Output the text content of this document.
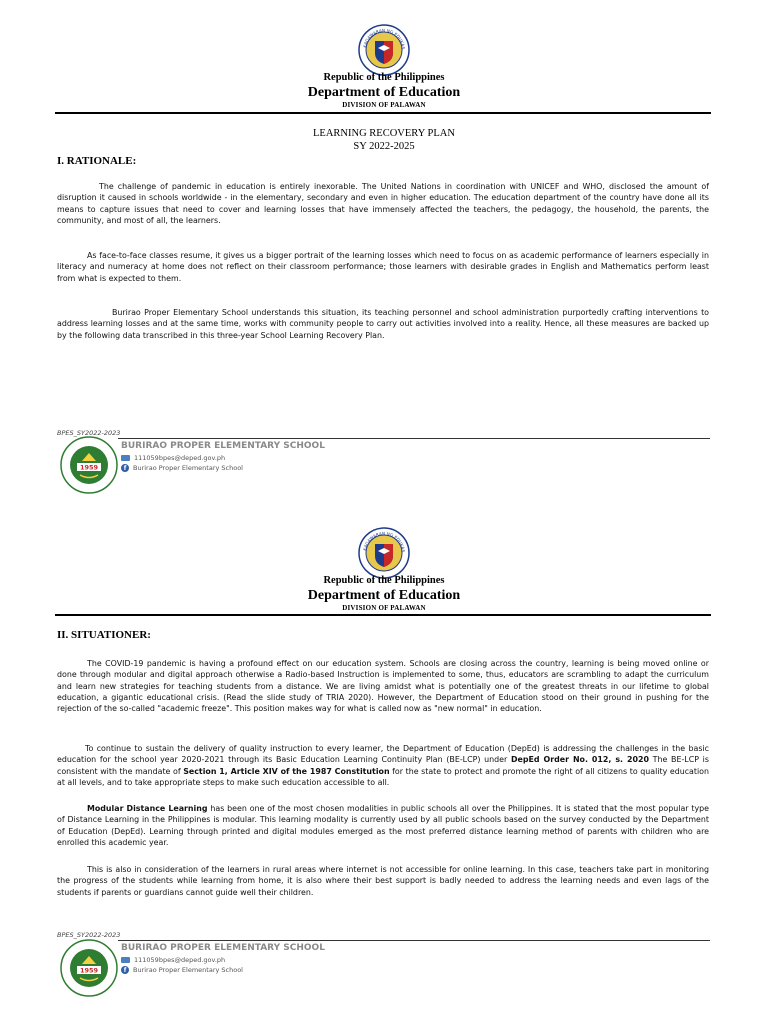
KAGAWARAN NG EDUKAS
Republic of the Philippines
Department of Education
DIVISION OF PALAWAN
LEARNING RECOVERY PLAN
SY 2022-2025
I. RATIONALE:

The challenge of pandemic in education is entirely inexorable. The United Nations in coordination with UNICEF and WHO, disclosed the amount of disruption it caused in schools worldwide - in the elementary, secondary and even in higher education. The education department of the country have done all its means to capture issues that need to cover and learning losses that have immensely affected the teachers, the pedagogy, the household, the parents, the community, and most of all, the learners.

As face-to-face classes resume, it gives us a bigger portrait of the learning losses which need to focus on as academic performance of learners especially in literacy and numeracy at home does not reflect on their classroom performance; those learners with desirable grades in English and Mathematics perform least from what is expected to them.

Burirao Proper Elementary School understands this situation, its teaching personnel and school administration purportedly crafting interventions to address learning losses and at the same time, works with community people to carry out activities involved into a reality. Hence, all these measures are backed up by the following data transcribed in this three-year School Learning Recovery Plan.

BPES_SY2022-2023
1959
BURIRAO PROPER ELEMENTARY SCHOOL
111059bpes@deped.gov.ph
f	Burirao Proper Elementary School
KAGAWARAN NG EDUKAS
Republic of the Philippines
Department of Education
DIVISION OF PALAWAN
II. SITUATIONER:

The COVID-19 pandemic is having a profound effect on our education system. Schools are closing across the country, learning is being moved online or done through modular and digital approach otherwise a Radio-based Instruction is implemented to some, thus, educators are scrambling to adapt the curriculum and learn new strategies for teaching students from a distance. We are living amidst what is potentially one of the greatest threats in our lifetime to global education, a gigantic educational crisis. (Read the slide study of TRIA 2020). However, the Department of Education stood on their ground in pushing for the rejection of the so-called "academic freeze". This position makes way for what is called now as "new normal" in education.

To continue to sustain the delivery of quality instruction to every learner, the Department of Education (DepEd) is addressing the challenges in the basic education for the school year 2020-2021 through its Basic Education Learning Continuity Plan (BE-LCP) under DepEd Order No. 012, s. 2020 The BE-LCP is consistent with the mandate of Section 1, Article XIV of the 1987 Constitution for the state to protect and promote the right of all citizens to quality education at all levels, and to take appropriate steps to make such education accessible to all.

Modular Distance Learning has been one of the most chosen modalities in public schools all over the Philippines. It is stated that the most popular type of Distance Learning in the Philippines is modular. This learning modality is currently used by all public schools based on the survey conducted by the Department of Education (DepEd). Learning through printed and digital modules emerged as the most preferred distance learning method of parents with children who are enrolled this academic year.

This is also in consideration of the learners in rural areas where internet is not accessible for online learning. In this case, teachers take part in monitoring the progress of the students while learning from home, it is also where their best support is badly needed to address the learning needs and even lags of the students if parents or guardians cannot guide well their children.

BPES_SY2022-2023
1959
BURIRAO PROPER ELEMENTARY SCHOOL
111059bpes@deped.gov.ph
f	Burirao Proper Elementary School
